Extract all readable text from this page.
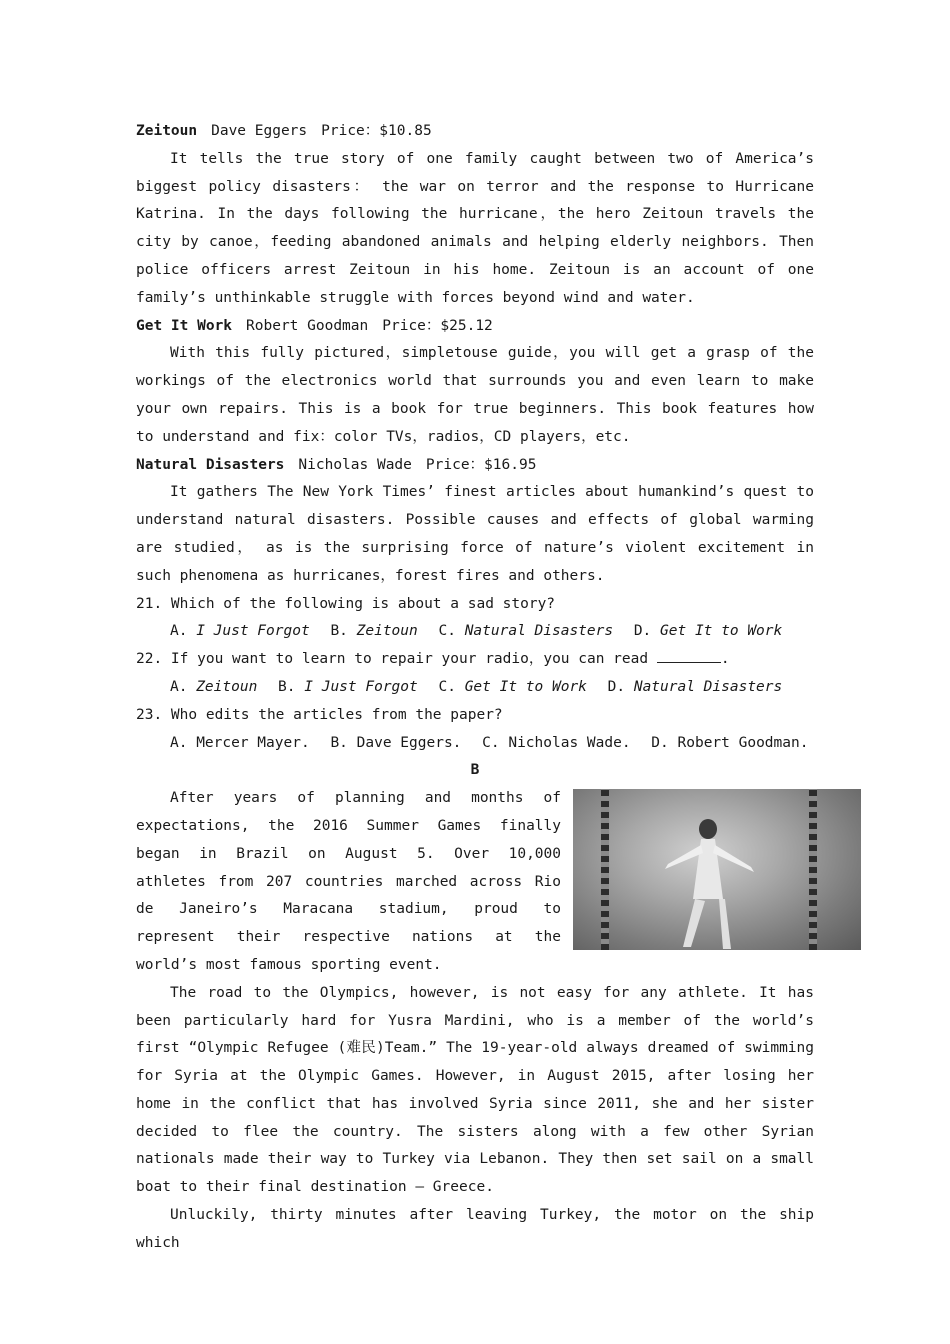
Zeitoun Dave Eggers Price：$10.85

It tells the true story of one family caught between two of America’s biggest policy disasters： the war on terror and the response to Hurricane Katrina. In the days following the hurricane，the hero Zeitoun travels the city by canoe，feeding abandoned animals and helping elderly neighbors. Then police officers arrest Zeitoun in his home. Zeitoun is an account of one family’s unthinkable struggle with forces beyond wind and water.

Get It Work Robert Goodman Price：$25.12

With this fully pictured，simpletouse guide，you will get a grasp of the workings of the electronics world that surrounds you and even learn to make your own repairs. This is a book for true beginners. This book features how to understand and fix：color TVs，radios，CD players，etc.

Natural Disasters Nicholas Wade Price：$16.95

It gathers The New York Times’ finest articles about humankind’s quest to understand natural disasters. Possible causes and effects of global warming are studied， as is the surprising force of nature’s violent excitement in such phenomena as hurricanes，forest fires and others.

21. Which of the following is about a sad story?

A. I Just Forgot B. Zeitoun C. Natural Disasters D. Get It to Work

22. If you want to learn to repair your radio，you can read	.

A. Zeitoun B. I Just Forgot C. Get It to Work D. Natural Disasters

23. Who edits the articles from the paper?

A. Mercer Mayer. B. Dave Eggers. C. Nicholas Wade. D. Robert Goodman.

B

After years of planning and months of expectations, the 2016 Summer Games finally began in Brazil on August 5. Over 10,000 athletes from 207 countries marched across Rio de Janeiro’s Maracana stadium, proud to represent their respective nations at the world’s most famous sporting event.

The road to the Olympics, however, is not easy for any athlete. It has been particularly hard for Yusra Mardini, who is a member of the world’s first “Olympic Refugee (难民)Team.” The 19-year-old always dreamed of swimming for Syria at the Olympic Games. However, in August 2015, after losing her home in the conflict that has involved Syria since 2011, she and her sister decided to flee the country. The sisters along with a few other Syrian nationals made their way to Turkey via Lebanon. They then set sail on a small boat to their final destination — Greece.

Unluckily, thirty minutes after leaving Turkey, the motor on the ship which
